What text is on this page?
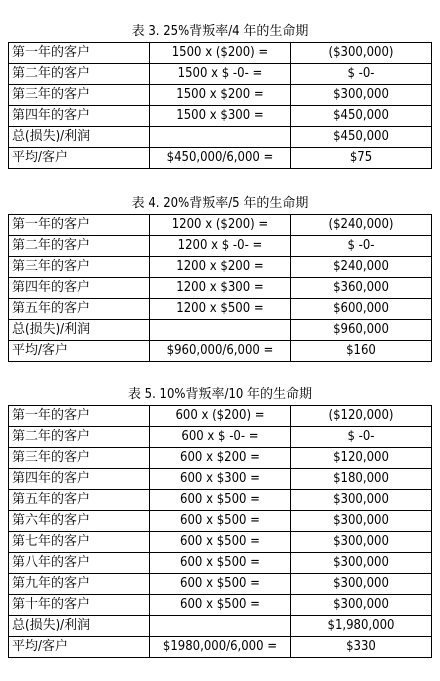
表 3. 25%背叛率/4 年的生命期
第一年的客户	1500 x ($200) =	($300,000)
第二年的客户	1500 x $ -0- =	$ -0-
第三年的客户	1500 x $200 =	$300,000
第四年的客户	1500 x $300 =	$450,000
总(损失)/利润		$450,000
平均/客户	$450,000/6,000 =	$75
表 4. 20%背叛率/5 年的生命期
第一年的客户	1200 x ($200) =	($240,000)
第二年的客户	1200 x $ -0- =	$ -0-
第三年的客户	1200 x $200 =	$240,000
第四年的客户	1200 x $300 =	$360,000
第五年的客户	1200 x $500 =	$600,000
总(损失)/利润		$960,000
平均/客户	$960,000/6,000 =	$160
表 5. 10%背叛率/10 年的生命期
第一年的客户	600 x ($200) =	($120,000)
第二年的客户	600 x $ -0- =	$ -0-
第三年的客户	600 x $200 =	$120,000
第四年的客户	600 x $300 =	$180,000
第五年的客户	600 x $500 =	$300,000
第六年的客户	600 x $500 =	$300,000
第七年的客户	600 x $500 =	$300,000
第八年的客户	600 x $500 =	$300,000
第九年的客户	600 x $500 =	$300,000
第十年的客户	600 x $500 =	$300,000
总(损失)/利润		$1,980,000
平均/客户	$1980,000/6,000 =	$330
